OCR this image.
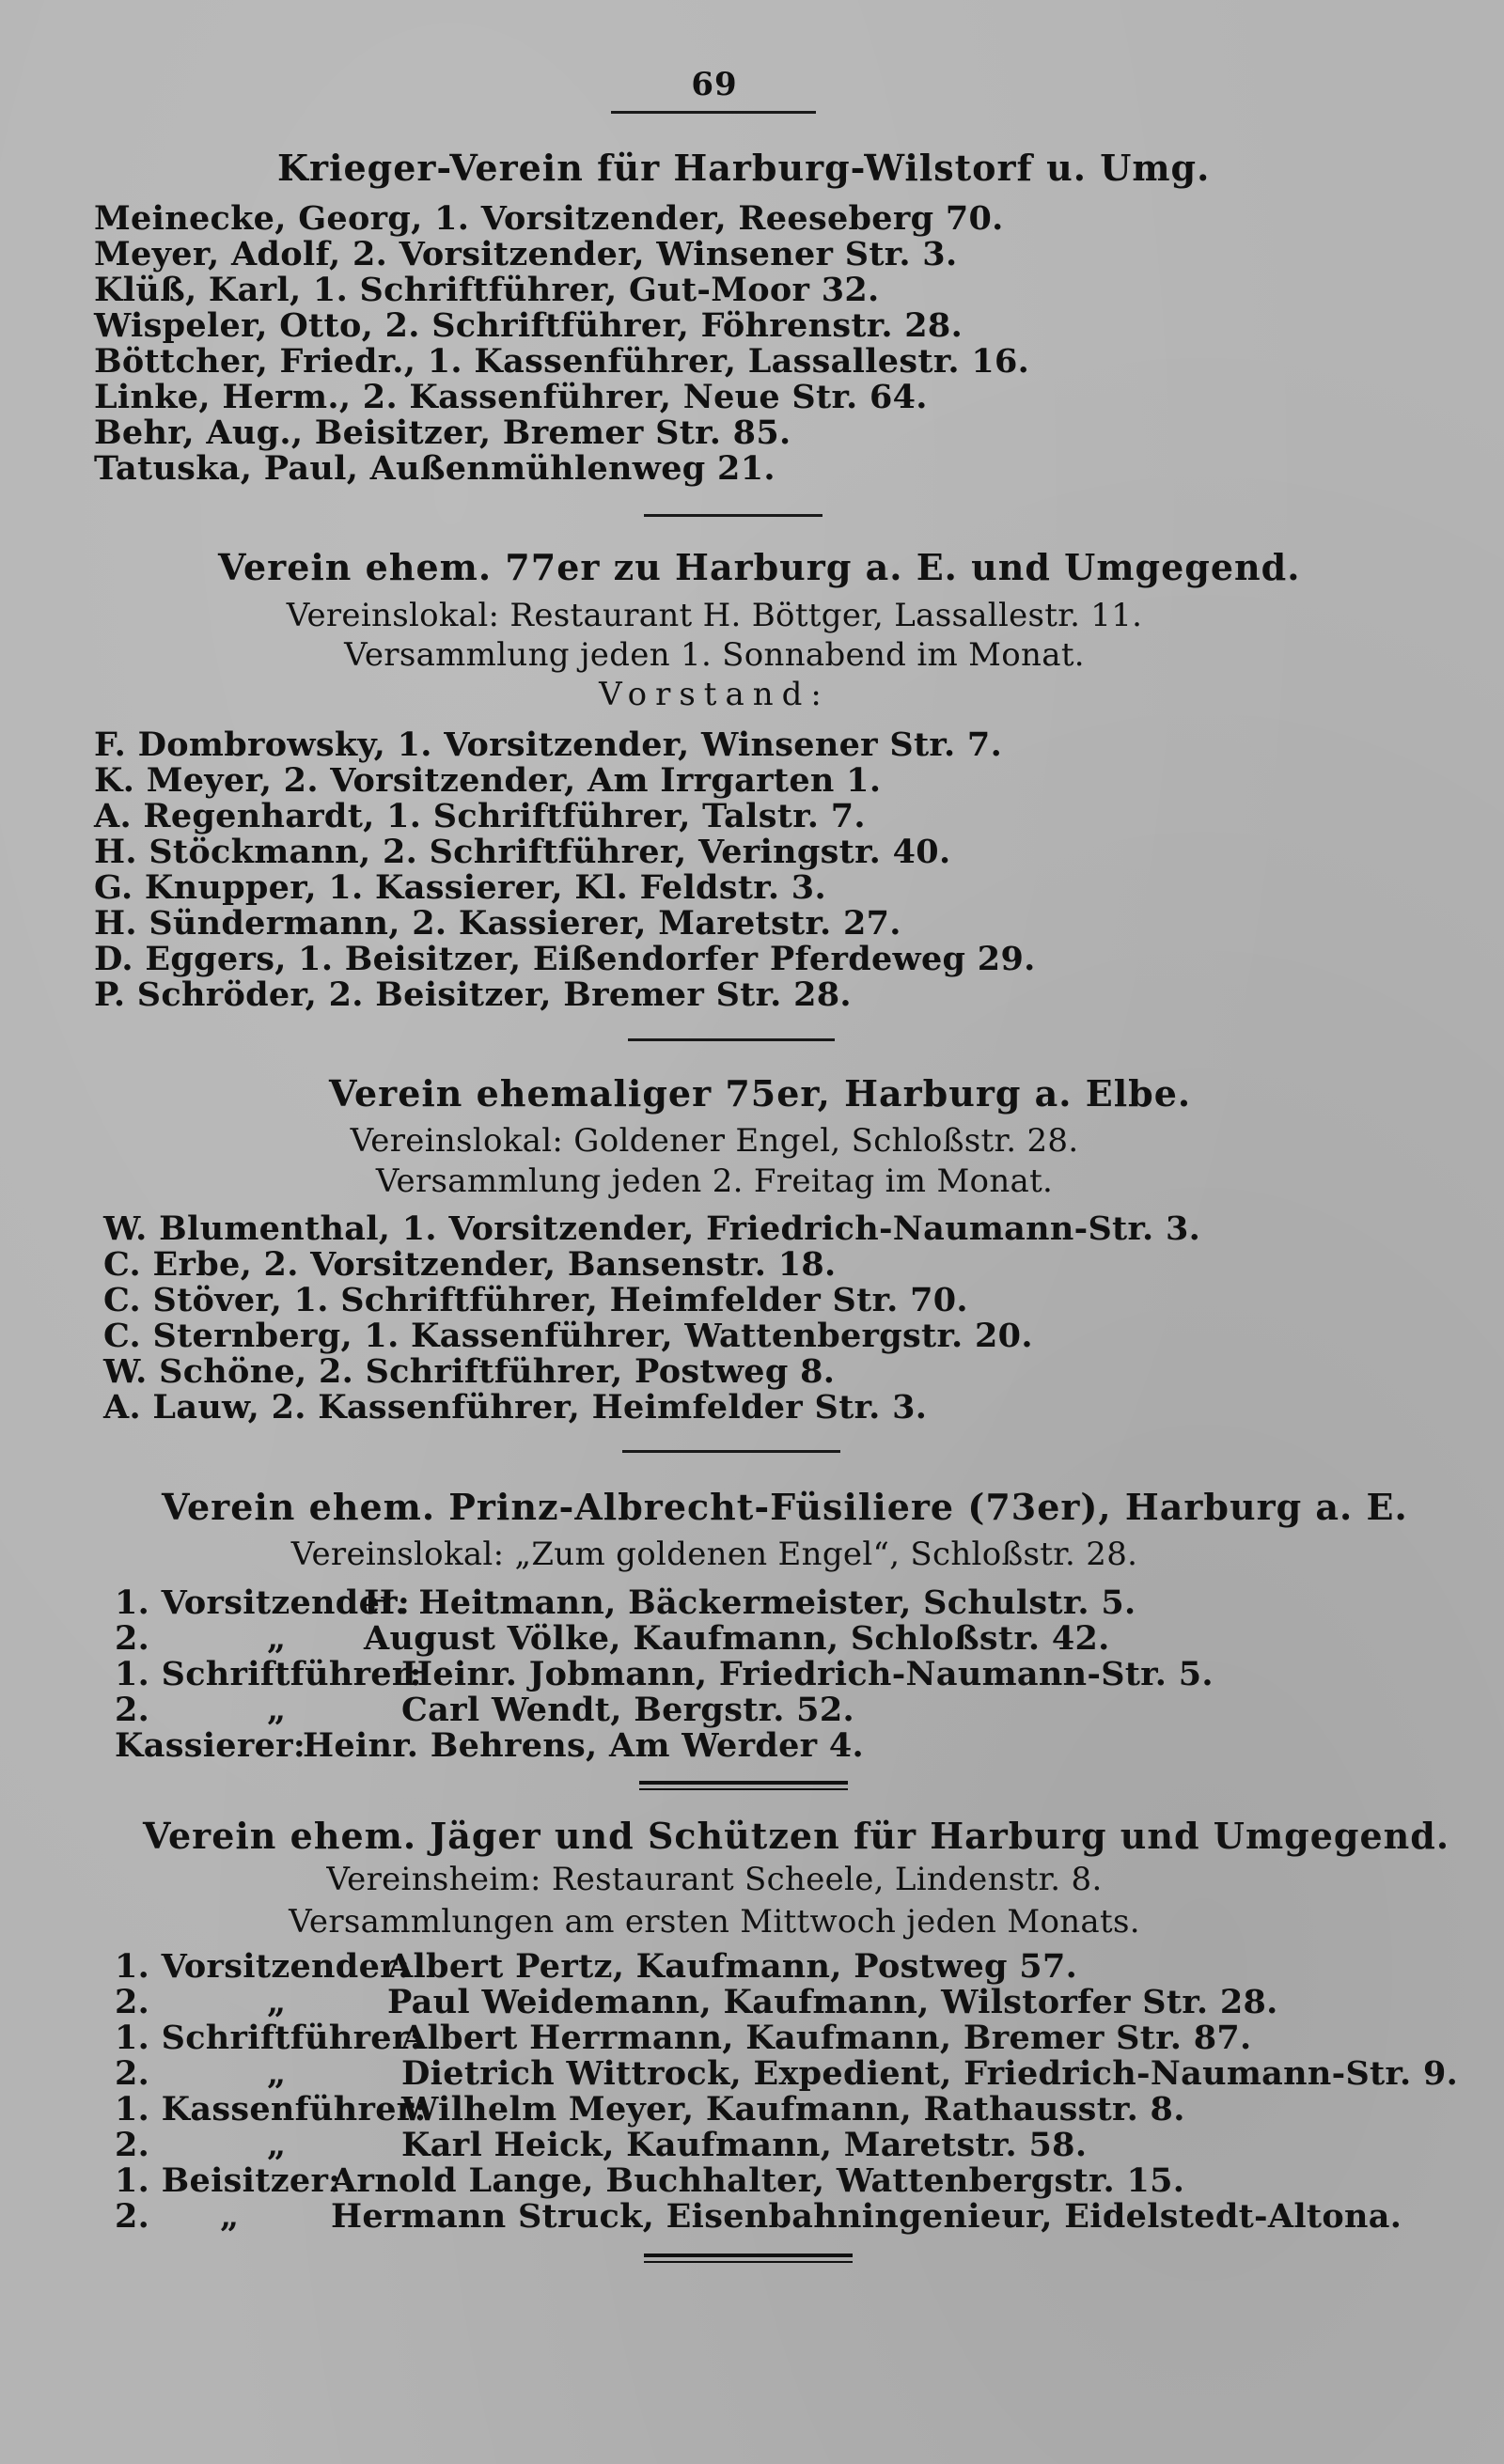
69
Krieger-Verein für Harburg-Wilstorf u. Umg.
Meinecke, Georg, 1. Vorsitzender, Reeseberg 70.
Meyer, Adolf, 2. Vorsitzender, Winsener Str. 3.
Klüß, Karl, 1. Schriftführer, Gut-Moor 32.
Wispeler, Otto, 2. Schriftführer, Föhrenstr. 28.
Böttcher, Friedr., 1. Kassenführer, Lassallestr. 16.
Linke, Herm., 2. Kassenführer, Neue Str. 64.
Behr, Aug., Beisitzer, Bremer Str. 85.
Tatuska, Paul, Außenmühlenweg 21.
Verein ehem. 77er zu Harburg a. E. und Umgegend.
Vereinslokal: Restaurant H. Böttger, Lassallestr. 11.
Versammlung jeden 1. Sonnabend im Monat.
Vorstand:
F. Dombrowsky, 1. Vorsitzender, Winsener Str. 7.
K. Meyer, 2. Vorsitzender, Am Irrgarten 1.
A. Regenhardt, 1. Schriftführer, Talstr. 7.
H. Stöckmann, 2. Schriftführer, Veringstr. 40.
G. Knupper, 1. Kassierer, Kl. Feldstr. 3.
H. Sündermann, 2. Kassierer, Maretstr. 27.
D. Eggers, 1. Beisitzer, Eißendorfer Pferdeweg 29.
P. Schröder, 2. Beisitzer, Bremer Str. 28.
Verein ehemaliger 75er, Harburg a. Elbe.
Vereinslokal: Goldener Engel, Schloßstr. 28.
Versammlung jeden 2. Freitag im Monat.
W. Blumenthal, 1. Vorsitzender, Friedrich-Naumann-Str. 3.
C. Erbe, 2. Vorsitzender, Bansenstr. 18.
C. Stöver, 1. Schriftführer, Heimfelder Str. 70.
C. Sternberg, 1. Kassenführer, Wattenbergstr. 20.
W. Schöne, 2. Schriftführer, Postweg 8.
A. Lauw, 2. Kassenführer, Heimfelder Str. 3.
Verein ehem. Prinz-Albrecht-Füsiliere (73er), Harburg a. E.
Vereinslokal: „Zum goldenen Engel“, Schloßstr. 28.
1. Vorsitzender:H. Heitmann, Bäckermeister, Schulstr. 5.
2.          „ August Völke, Kaufmann, Schloßstr. 42.
1. Schriftführer:Heinr. Jobmann, Friedrich-Naumann-Str. 5.
2.          „	Carl Wendt, Bergstr. 52.
Kassierer:Heinr. Behrens, Am Werder 4.
Verein ehem. Jäger und Schützen für Harburg und Umgegend.
Vereinsheim: Restaurant Scheele, Lindenstr. 8.
Versammlungen am ersten Mittwoch jeden Monats.
1. Vorsitzender:Albert Pertz, Kaufmann, Postweg 57.
2.          „	Paul Weidemann, Kaufmann, Wilstorfer Str. 28.
1. Schriftführer:Albert Herrmann, Kaufmann, Bremer Str. 87.
2.          „	Dietrich Wittrock, Expedient, Friedrich-Naumann-Str. 9.
1. Kassenführer:Wilhelm Meyer, Kaufmann, Rathausstr. 8.
2.          „	Karl Heick, Kaufmann, Maretstr. 58.
1. Beisitzer:Arnold Lange, Buchhalter, Wattenbergstr. 15.
2.      „	Hermann Struck, Eisenbahningenieur, Eidelstedt-Altona.
